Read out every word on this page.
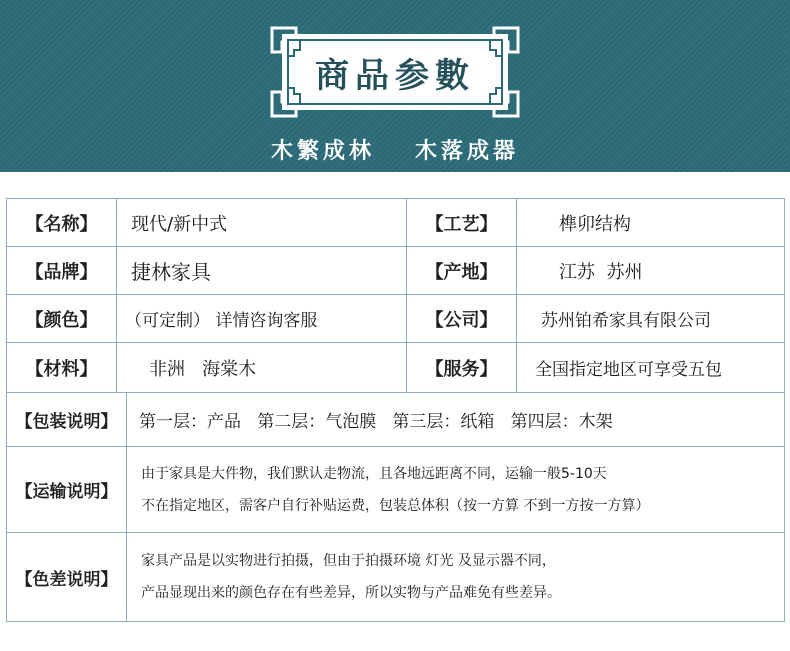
商品参數
木繁成林 木落成器
【名称】	现代/新中式	【工艺】	榫卯结构
【品牌】	捷林家具	【产地】	江苏  苏州
【颜色】	（可定制） 详情咨询客服	【公司】	苏州铂希家具有限公司
【材料】	非洲   海棠木	【服务】	全国指定地区可享受五包
【包装说明】	第一层：产品   第二层：气泡膜   第三层：纸箱   第四层：木架
【运输说明】
由于家具是大件物，我们默认走物流，且各地远距离不同，运输一般5-10天
不在指定地区，需客户自行补贴运费，包装总体积（按一方算 不到一方按一方算）
【色差说明】
家具产品是以实物进行拍摄，但由于拍摄环境 灯光 及显示器不同，
产品显现出来的颜色存在有些差异，所以实物与产品难免有些差异。
